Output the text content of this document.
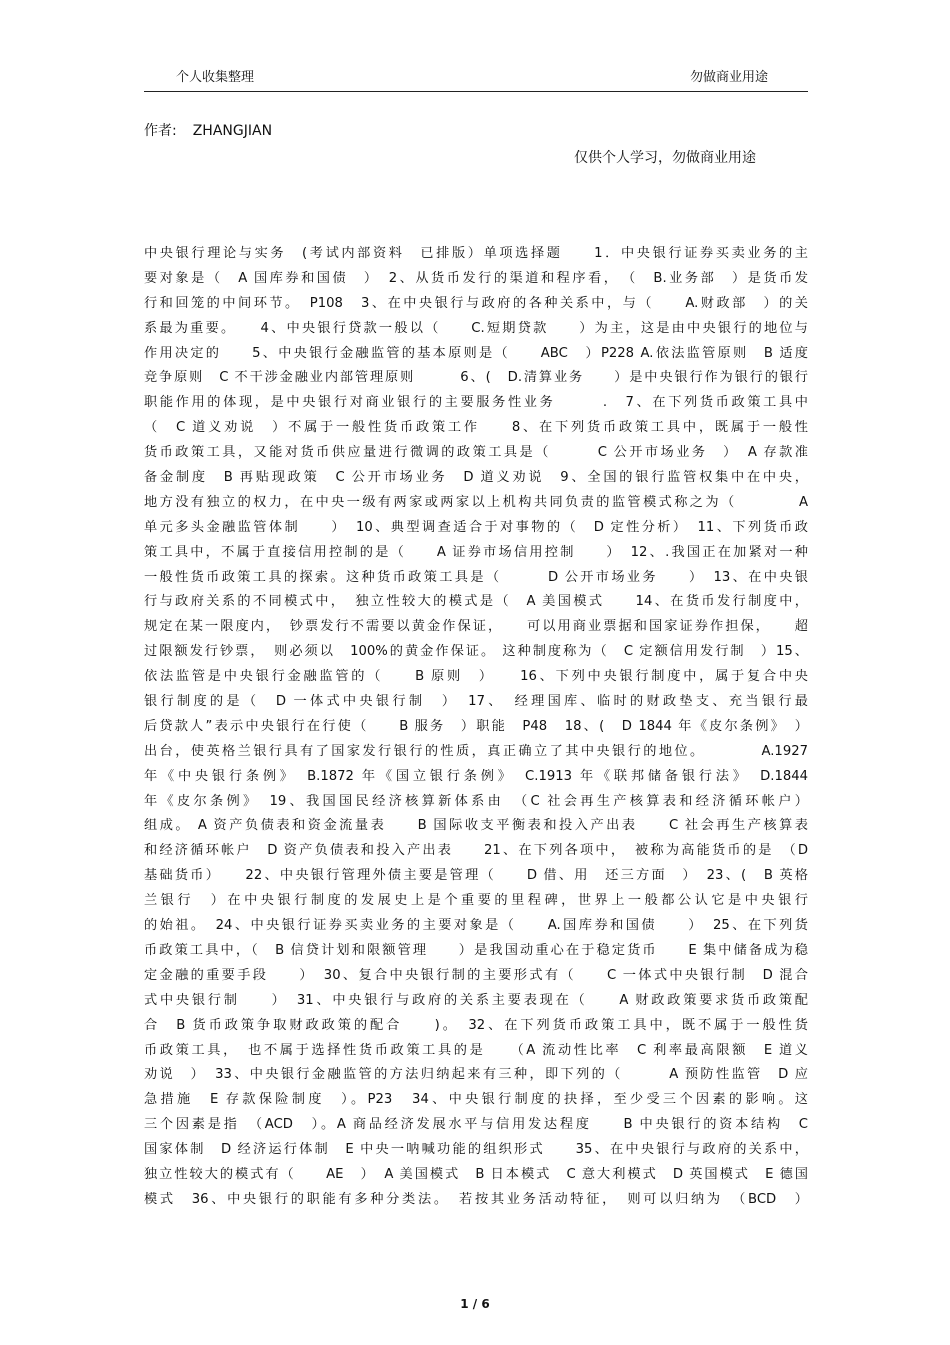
个人收集整理	勿做商业用途
作者: ZHANGJIAN
仅供个人学习，勿做商业用途
中央银行理论与实务　(考试内部资料　已排版）单项选择题　　1．中央银行证券买卖业务的主
要对象是（　A 国库券和国债　）　2、从货币发行的渠道和程序看，　（　B.业务部　）是货币发
行和回笼的中间环节。　P108　3、在中央银行与政府的各种关系中，与（　　A.财政部　）的关
系最为重要。　　4、中央银行贷款一般以（　　C.短期贷款　　）为主，这是由中央银行的地位与
作用决定的　　5、中央银行金融监管的基本原则是（　　ABC　）P228 A.依法监管原则　B 适度
竞争原则　C 不干涉金融业内部管理原则　　　6、(　D.清算业务　　）是中央银行作为银行的银行
职能作用的体现，是中央银行对商业银行的主要服务性业务　　　.　7、在下列货币政策工具中
（　C 道义劝说　）不属于一般性货币政策工作　　8、在下列货币政策工具中，既属于一般性
货币政策工具，又能对货币供应量进行微调的政策工具是（　　　C 公开市场业务　）　A 存款准
备金制度　B 再贴现政策　C 公开市场业务　D 道义劝说　9、全国的银行监管权集中在中央，
地方没有独立的权力，在中央一级有两家或两家以上机构共同负责的监管模式称之为（　　　　A
单元多头金融监管体制　　）　10、典型调查适合于对事物的（　D 定性分析）　11、下列货币政
策工具中，不属于直接信用控制的是（　　A 证券市场信用控制　　）　12、.我国正在加紧对一种
一般性货币政策工具的探索。这种货币政策工具是（　　　D 公开市场业务　　）　13、在中央银
行与政府关系的不同模式中，　独立性较大的模式是（　A 美国模式　　14、在货币发行制度中，
规定在某一限度内，　钞票发行不需要以黄金作保证，　　可以用商业票据和国家证券作担保，　　超
过限额发行钞票，　则必须以　100%的黄金作保证。 这种制度称为（　C 定额信用发行制　）15、
依法监管是中央银行金融监管的（　　B 原则　）　　16、下列中央银行制度中，属于复合中央
银行制度的是（　D 一体式中央银行制　）　17、　经理国库、临时的财政垫支、充当银行最
后贷款人”表示中央银行在行使（　　B 服务　）职能　P48　18、(　D 1844 年《皮尔条例》　）
出台，使英格兰银行具有了国家发行银行的性质，真正确立了其中央银行的地位。　　　　A.1927
年《中央银行条例》　B.1872 年《国立银行条例》　C.1913 年《联邦储备银行法》　D.1844
年《皮尔条例》　19、我国国民经济核算新体系由　（C 社会再生产核算表和经济循环帐户）
组成。 A 资产负债表和资金流量表　　B 国际收支平衡表和投入产出表　　C 社会再生产核算表
和经济循环帐户　D 资产负债表和投入产出表　　21、在下列各项中，　被称为高能货币的是　（D
基础货币）　　22、中央银行管理外债主要是管理（　　D 借、用　还三方面　）　23、(　B 英格
兰银行　）在中央银行制度的发展史上是个重要的里程碑，世界上一般都公认它是中央银行
的始祖。　24、中央银行证券买卖业务的主要对象是（　　A.国库券和国债　　）　25、在下列货
币政策工具中，（　B 信贷计划和限额管理　　）是我国动重心在于稳定货币　　E 集中储备成为稳
定金融的重要手段　　）　30、复合中央银行制的主要形式有（　　C 一体式中央银行制　D 混合
式中央银行制　　）　31、中央银行与政府的关系主要表现在（　　A 财政政策要求货币政策配
合　B 货币政策争取财政政策的配合　　)。　32、在下列货币政策工具中，既不属于一般性货
币政策工具，　也不属于选择性货币政策工具的是　　（A 流动性比率　C 利率最高限额　E 道义
劝说　）　33、中央银行金融监管的方法归纳起来有三种，即下列的（　　　A 预防性监管　D 应
急措施　E 存款保险制度　）。P23　34、中央银行制度的抉择，至少受三个因素的影响。这
三个因素是指　（ACD　）。A 商品经济发展水平与信用发达程度　　B 中央银行的资本结构　C
国家体制　D 经济运行体制　E 中央一呐喊功能的组织形式　　35、在中央银行与政府的关系中，
独立性较大的模式有（　　AE　）　A 美国模式　B 日本模式　C 意大利模式　D 英国模式　E 德国
模式　36、中央银行的职能有多种分类法。　若按其业务活动特征，　则可以归纳为　（BCD　）
1 / 6
